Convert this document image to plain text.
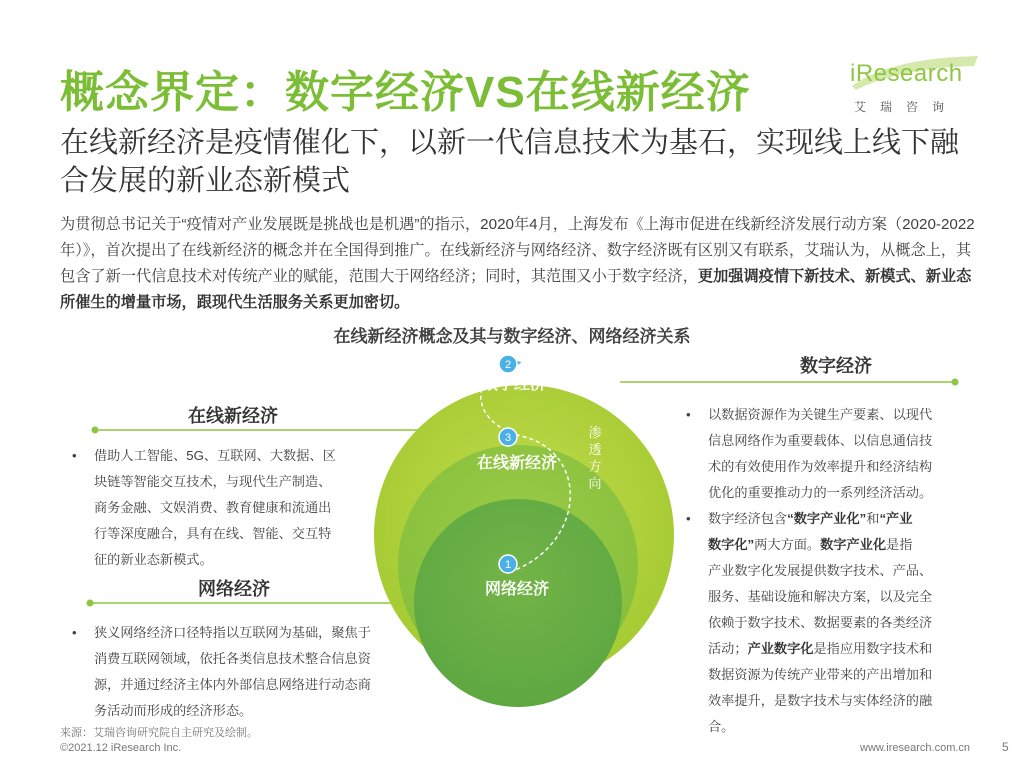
概念界定：数字经济VS在线新经济	iResearch
艾瑞咨询
在线新经济是疫情催化下，以新一代信息技术为基石，实现线上线下融合发展的新业态新模式
为贯彻总书记关于“疫情对产业发展既是挑战也是机遇”的指示，2020年4月，上海发布《上海市促进在线新经济发展行动方案（2020-2022年）》，首次提出了在线新经济的概念并在全国得到推广。在线新经济与网络经济、数字经济既有区别又有联系，艾瑞认为，从概念上，其包含了新一代信息技术对传统产业的赋能，范围大于网络经济；同时，其范围又小于数字经济，更加强调疫情下新技术、新模式、新业态所催生的增量市场，跟现代生活服务关系更加密切。
在线新经济概念及其与数字经济、网络经济关系
2
3
1
数字经济
在线新经济
网络经济
渗
透
方
向
在线新经济
• 借助人工智能、5G、互联网、大数据、区
块链等智能交互技术，与现代生产制造、
商务金融、文娱消费、教育健康和流通出
行等深度融合，具有在线、智能、交互特
征的新业态新模式。
网络经济
• 狭义网络经济口径特指以互联网为基础，聚焦于
消费互联网领域，依托各类信息技术整合信息资
源，并通过经济主体内外部信息网络进行动态商
务活动而形成的经济形态。
数字经济
• 以数据资源作为关键生产要素、以现代
信息网络作为重要载体、以信息通信技
术的有效使用作为效率提升和经济结构
优化的重要推动力的一系列经济活动。
• 数字经济包含“数字产业化”和“产业
数字化”两大方面。数字产业化是指
产业数字化发展提供数字技术、产品、
服务、基础设施和解决方案，以及完全
依赖于数字技术、数据要素的各类经济
活动；产业数字化是指应用数字技术和
数据资源为传统产业带来的产出增加和
效率提升，是数字技术与实体经济的融
合。
来源：艾瑞咨询研究院自主研究及绘制。
©2021.12 iResearch Inc.	www.iresearch.com.cn	5
